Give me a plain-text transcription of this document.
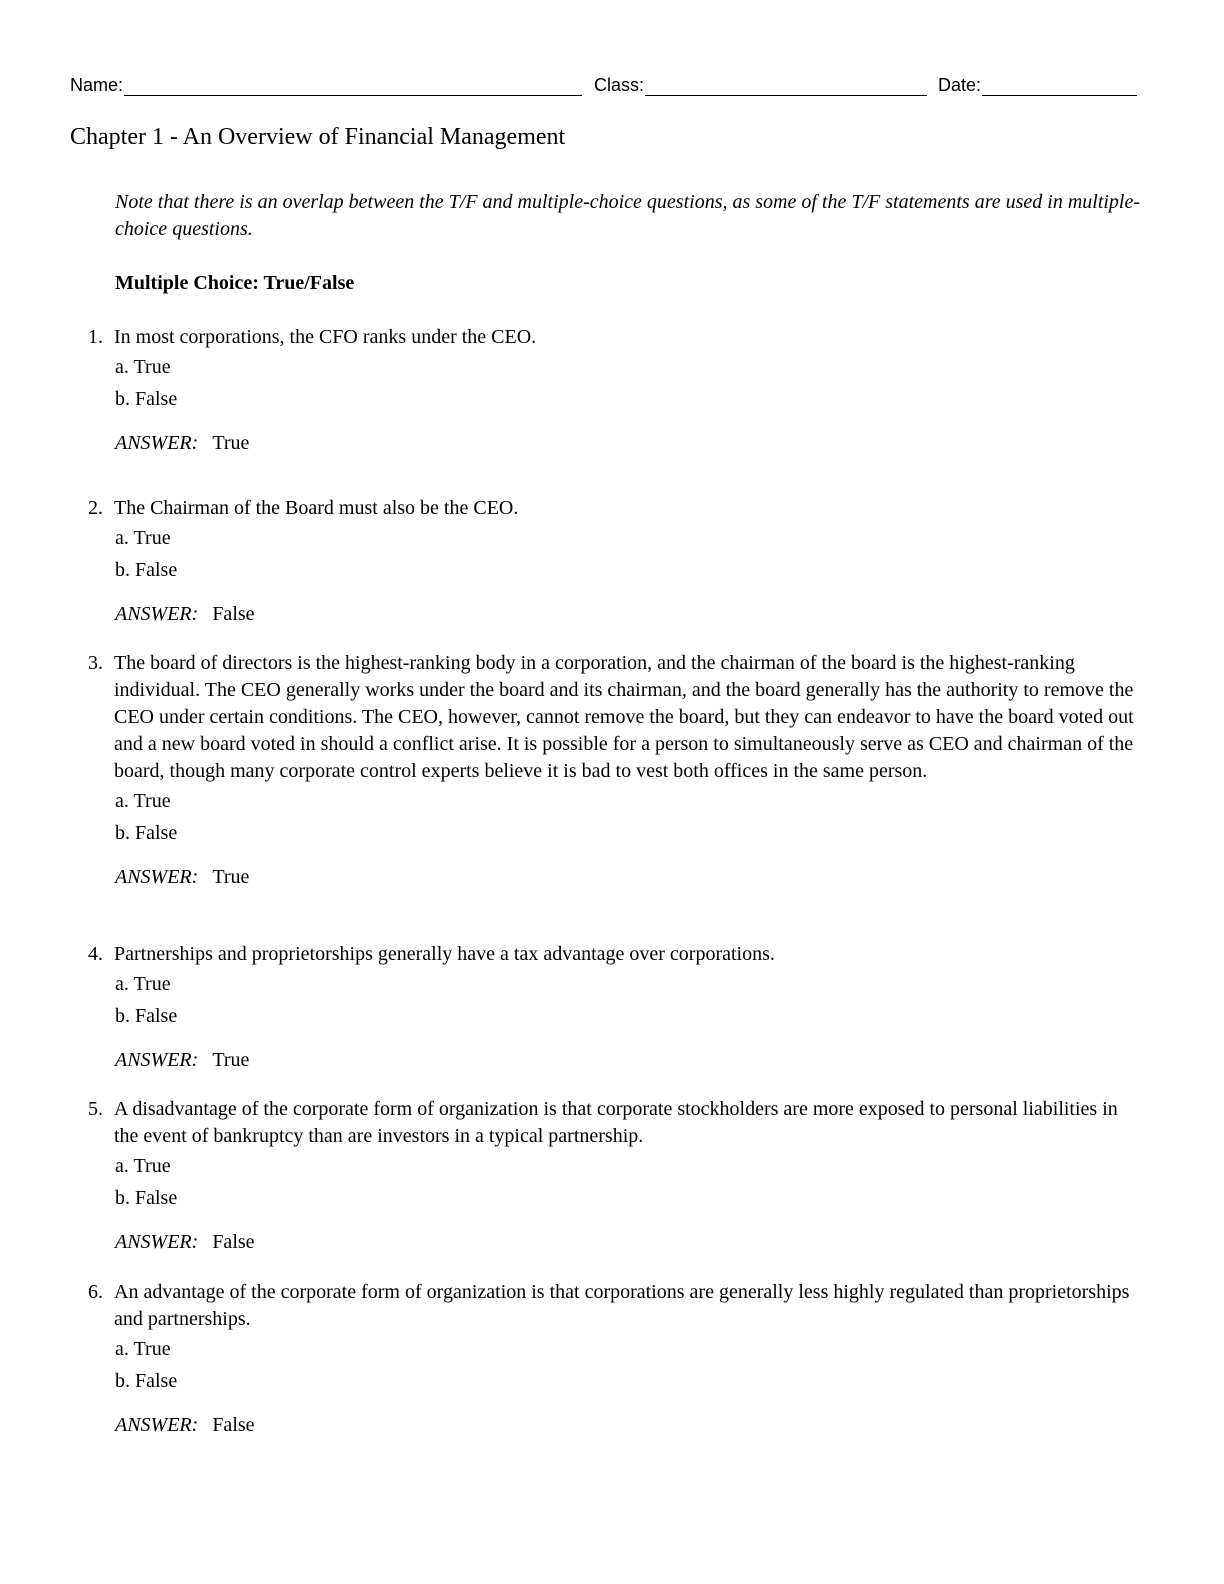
Name:	Class:	Date:
Chapter 1 - An Overview of Financial Management
Note that there is an overlap between the T/F and multiple-choice questions, as some of the T/F statements are used in multiple-choice questions.
Multiple Choice: True/False
1. In most corporations, the CFO ranks under the CEO.
a. True
b. False
ANSWER: True
2. The Chairman of the Board must also be the CEO.
a. True
b. False
ANSWER: False
3. The board of directors is the highest-ranking body in a corporation, and the chairman of the board is the highest-ranking individual. The CEO generally works under the board and its chairman, and the board generally has the authority to remove the CEO under certain conditions. The CEO, however, cannot remove the board, but they can endeavor to have the board voted out and a new board voted in should a conflict arise. It is possible for a person to simultaneously serve as CEO and chairman of the board, though many corporate control experts believe it is bad to vest both offices in the same person.
a. True
b. False
ANSWER: True
4. Partnerships and proprietorships generally have a tax advantage over corporations.
a. True
b. False
ANSWER: True
5. A disadvantage of the corporate form of organization is that corporate stockholders are more exposed to personal liabilities in the event of bankruptcy than are investors in a typical partnership.
a. True
b. False
ANSWER: False
6. An advantage of the corporate form of organization is that corporations are generally less highly regulated than proprietorships and partnerships.
a. True
b. False
ANSWER: False
